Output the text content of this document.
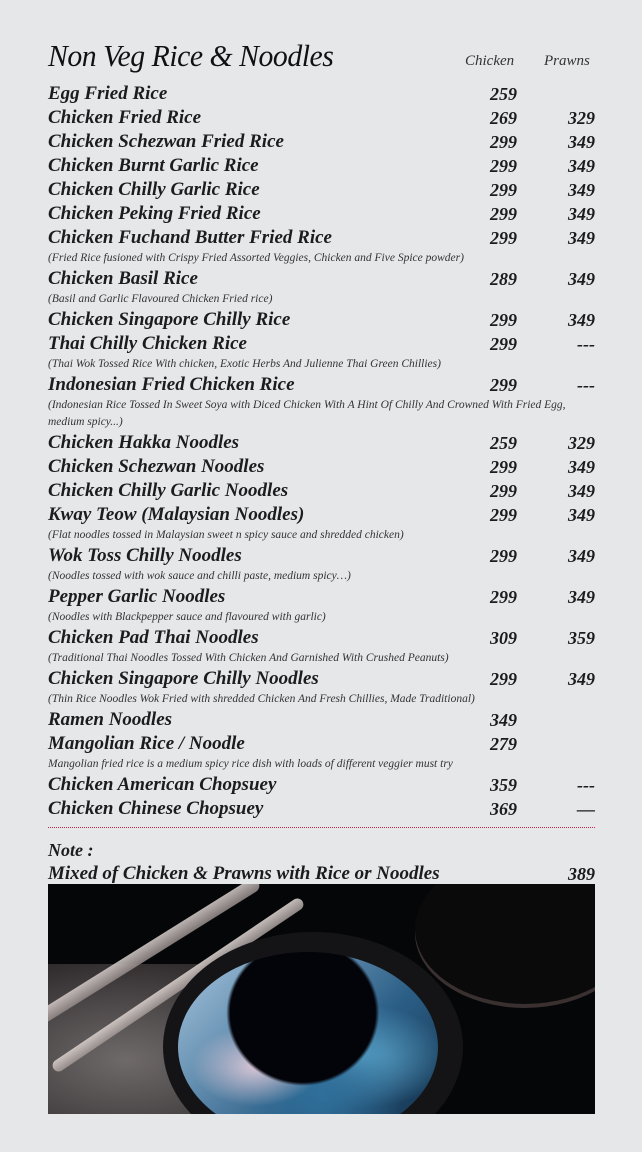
Non Veg Rice & Noodles	Chicken Prawns
Egg Fried Rice	259
Chicken Fried Rice	269	329
Chicken Schezwan Fried Rice	299	349
Chicken Burnt Garlic Rice	299	349
Chicken Chilly Garlic Rice	299	349
Chicken Peking Fried Rice	299	349
Chicken Fuchand Butter Fried Rice	299	349
(Fried Rice fusioned with Crispy Fried Assorted Veggies, Chicken and Five Spice powder)
Chicken Basil Rice	289	349
(Basil and Garlic Flavoured Chicken Fried rice)
Chicken Singapore Chilly Rice	299	349
Thai Chilly Chicken Rice	299	---
(Thai Wok Tossed Rice With chicken, Exotic Herbs And Julienne Thai Green Chillies)
Indonesian Fried Chicken Rice	299	---
(Indonesian Rice Tossed In Sweet Soya with Diced Chicken With A Hint Of Chilly And Crowned With Fried Egg, medium spicy...)
Chicken Hakka Noodles	259	329
Chicken Schezwan Noodles	299	349
Chicken Chilly Garlic Noodles	299	349
Kway Teow (Malaysian Noodles)	299	349
(Flat noodles tossed in Malaysian sweet n spicy sauce and shredded chicken)
Wok Toss Chilly Noodles	299	349
(Noodles tossed with wok sauce and chilli paste, medium spicy…)
Pepper Garlic Noodles	299	349
(Noodles with Blackpepper sauce and flavoured with garlic)
Chicken Pad Thai Noodles	309	359
(Traditional Thai Noodles Tossed With Chicken And Garnished With Crushed Peanuts)
Chicken Singapore Chilly Noodles	299	349
(Thin Rice Noodles Wok Fried with shredded Chicken And Fresh Chillies, Made Traditional)
Ramen Noodles	349
Mangolian Rice / Noodle	279
Mangolian fried rice is a medium spicy rice dish with loads of different veggier must try
Chicken American Chopsuey	359	---
Chicken Chinese Chopsuey	369	—
Note :
Mixed of Chicken & Prawns with Rice or Noodles	389
